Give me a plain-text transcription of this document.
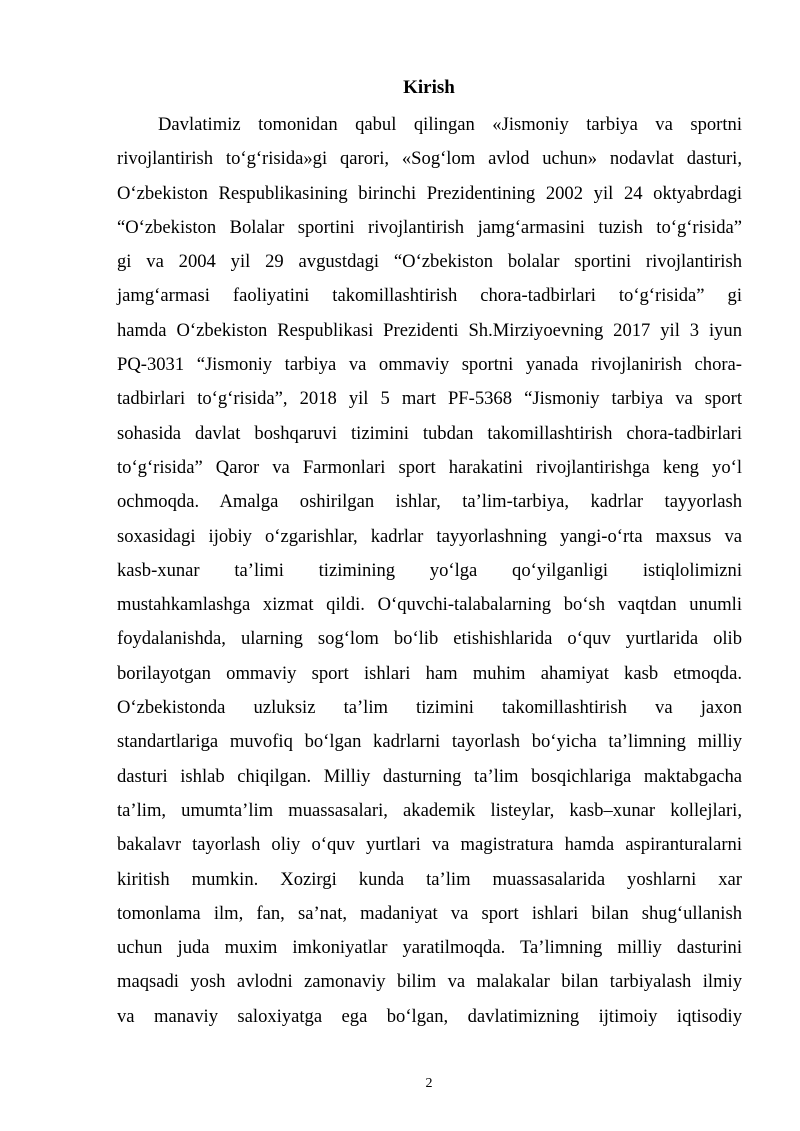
Kirish
Davlatimiz tomonidan qabul qilingan «Jismoniy tarbiya va sportni
rivojlantirish to‘g‘risida»gi qarori, «Sog‘lom avlod uchun» nodavlat dasturi,
O‘zbekiston Respublikasining birinchi Prezidentining 2002 yil 24 oktyabrdagi
“O‘zbekiston Bolalar sportini rivojlantirish jamg‘armasini tuzish to‘g‘risida”
gi va 2004 yil 29 avgustdagi “O‘zbekiston bolalar sportini rivojlantirish
jamg‘armasi faoliyatini takomillashtirish chora-tadbirlari to‘g‘risida” gi
hamda O‘zbekiston Respublikasi Prezidenti Sh.Mirziyoevning 2017 yil 3 iyun
PQ-3031 “Jismoniy tarbiya va ommaviy sportni yanada rivojlanirish chora-
tadbirlari to‘g‘risida”, 2018 yil 5 mart PF-5368 “Jismoniy tarbiya va sport
sohasida davlat boshqaruvi tizimini tubdan takomillashtirish chora-tadbirlari
to‘g‘risida” Qaror va Farmonlari sport harakatini rivojlantirishga keng yo‘l
ochmoqda. Amalga oshirilgan ishlar, ta’lim-tarbiya, kadrlar tayyorlash
soxasidagi ijobiy o‘zgarishlar, kadrlar tayyorlashning yangi-o‘rta maxsus va
kasb-xunar ta’limi tizimining yo‘lga qo‘yilganligi istiqlolimizni
mustahkamlashga xizmat qildi. O‘quvchi-talabalarning bo‘sh vaqtdan unumli
foydalanishda, ularning sog‘lom bo‘lib etishishlarida o‘quv yurtlarida olib
borilayotgan ommaviy sport ishlari ham muhim ahamiyat kasb etmoqda.
O‘zbekistonda uzluksiz ta’lim tizimini takomillashtirish va jaxon
standartlariga muvofiq bo‘lgan kadrlarni tayorlash bo‘yicha ta’limning milliy
dasturi ishlab chiqilgan. Milliy dasturning ta’lim bosqichlariga maktabgacha
ta’lim, umumta’lim muassasalari, akademik listeylar, kasb–xunar kollejlari,
bakalavr tayorlash oliy o‘quv yurtlari va magistratura hamda aspiranturalarni
kiritish mumkin. Xozirgi kunda ta’lim muassasalarida yoshlarni xar
tomonlama ilm, fan, sa’nat, madaniyat va sport ishlari bilan shug‘ullanish
uchun juda muxim imkoniyatlar yaratilmoqda. Ta’limning milliy dasturini
maqsadi yosh avlodni zamonaviy bilim va malakalar bilan tarbiyalash ilmiy
va manaviy saloxiyatga ega bo‘lgan, davlatimizning ijtimoiy iqtisodiy
2
